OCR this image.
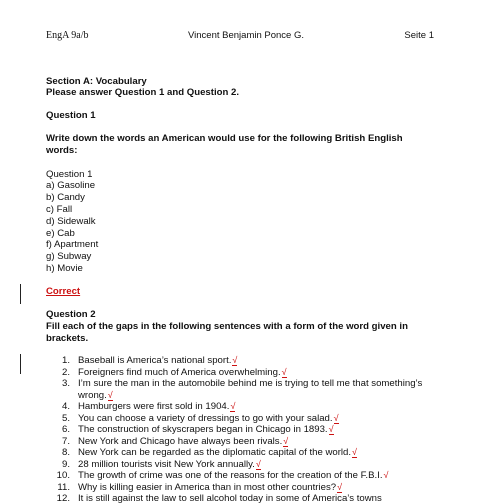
EngA 9a/b	Vincent Benjamin Ponce G.	Seite 1
Section A: Vocabulary
Please answer Question 1 and Question 2.
Question 1
Write down the words an American would use for the following British English
words:
Question 1
a) Gasoline
b) Candy
c) Fall
d) Sidewalk
e) Cab
f) Apartment
g) Subway
h) Movie
Correct
Question 2
Fill each of the gaps in the following sentences with a form of the word given in
brackets.
1. Baseball is America’s national sport.√
2. Foreigners find much of America overwhelming.√
3. I’m sure the man in the automobile behind me is trying to tell me that something’s
wrong.√
4. Hamburgers were first sold in 1904.√
5. You can choose a variety of dressings to go with your salad.√
6. The construction of skyscrapers began in Chicago in 1893.√
7. New York and Chicago have always been rivals.√
8. New York can be regarded as the diplomatic capital of the world.√
9. 28 million tourists visit New York annually.√
10. The growth of crime was one of the reasons for the creation of the F.B.I.√
11. Why is killing easier in America than in most other countries?√
12. It is still against the law to sell alcohol today in some of America’s towns
